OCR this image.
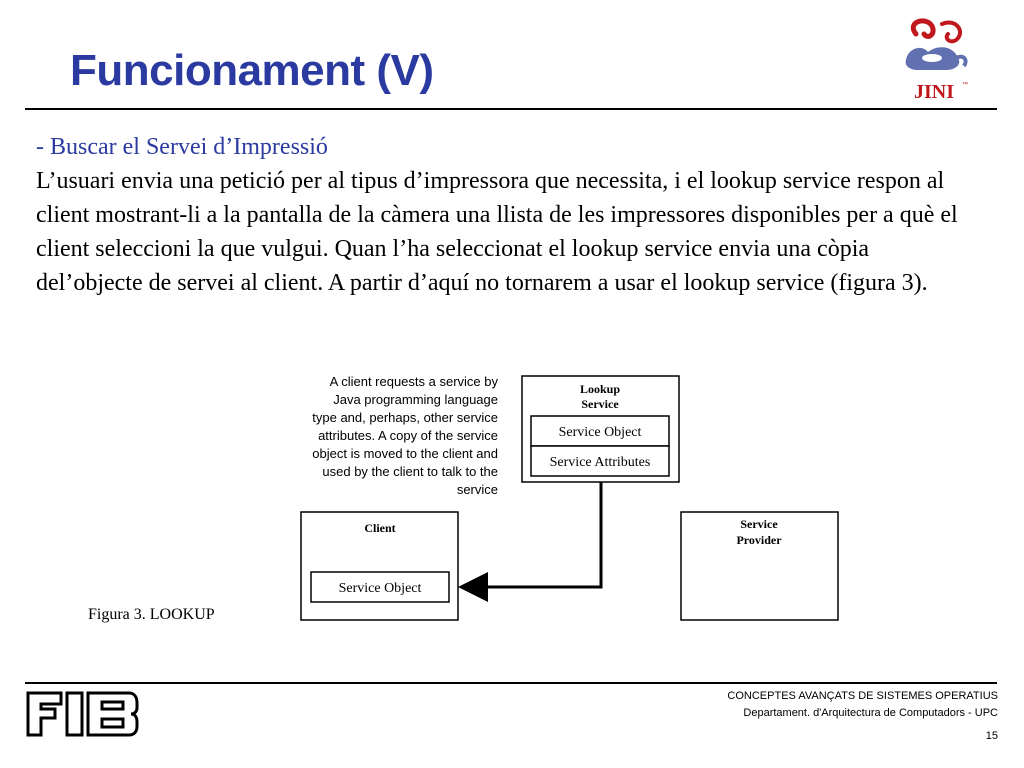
Funcionament (V)	JINI ™
- Buscar el Servei d’Impressió
L’usuari envia una petició per al tipus d’impressora que necessita, i el lookup service respon al client mostrant-li a la pantalla de la càmera una llista de les impressores disponibles per a què el client seleccioni la que vulgui. Quan l’ha seleccionat el lookup service envia una còpia del’objecte de servei al client. A partir d’aquí no tornarem a usar el lookup service (figura 3).
A client requests a service by
Java programming language
type and, perhaps, other service
attributes. A copy of the service
object is moved to the client and
used by the client to talk to the
service
Lookup
Service
Service Object
Service Attributes
Client
Service Object
Service
Provider
Figura 3. LOOKUP
FIB	CONCEPTES AVANÇATS DE SISTEMES OPERATIUS
Departament. d'Arquitectura de Computadors - UPC
15
